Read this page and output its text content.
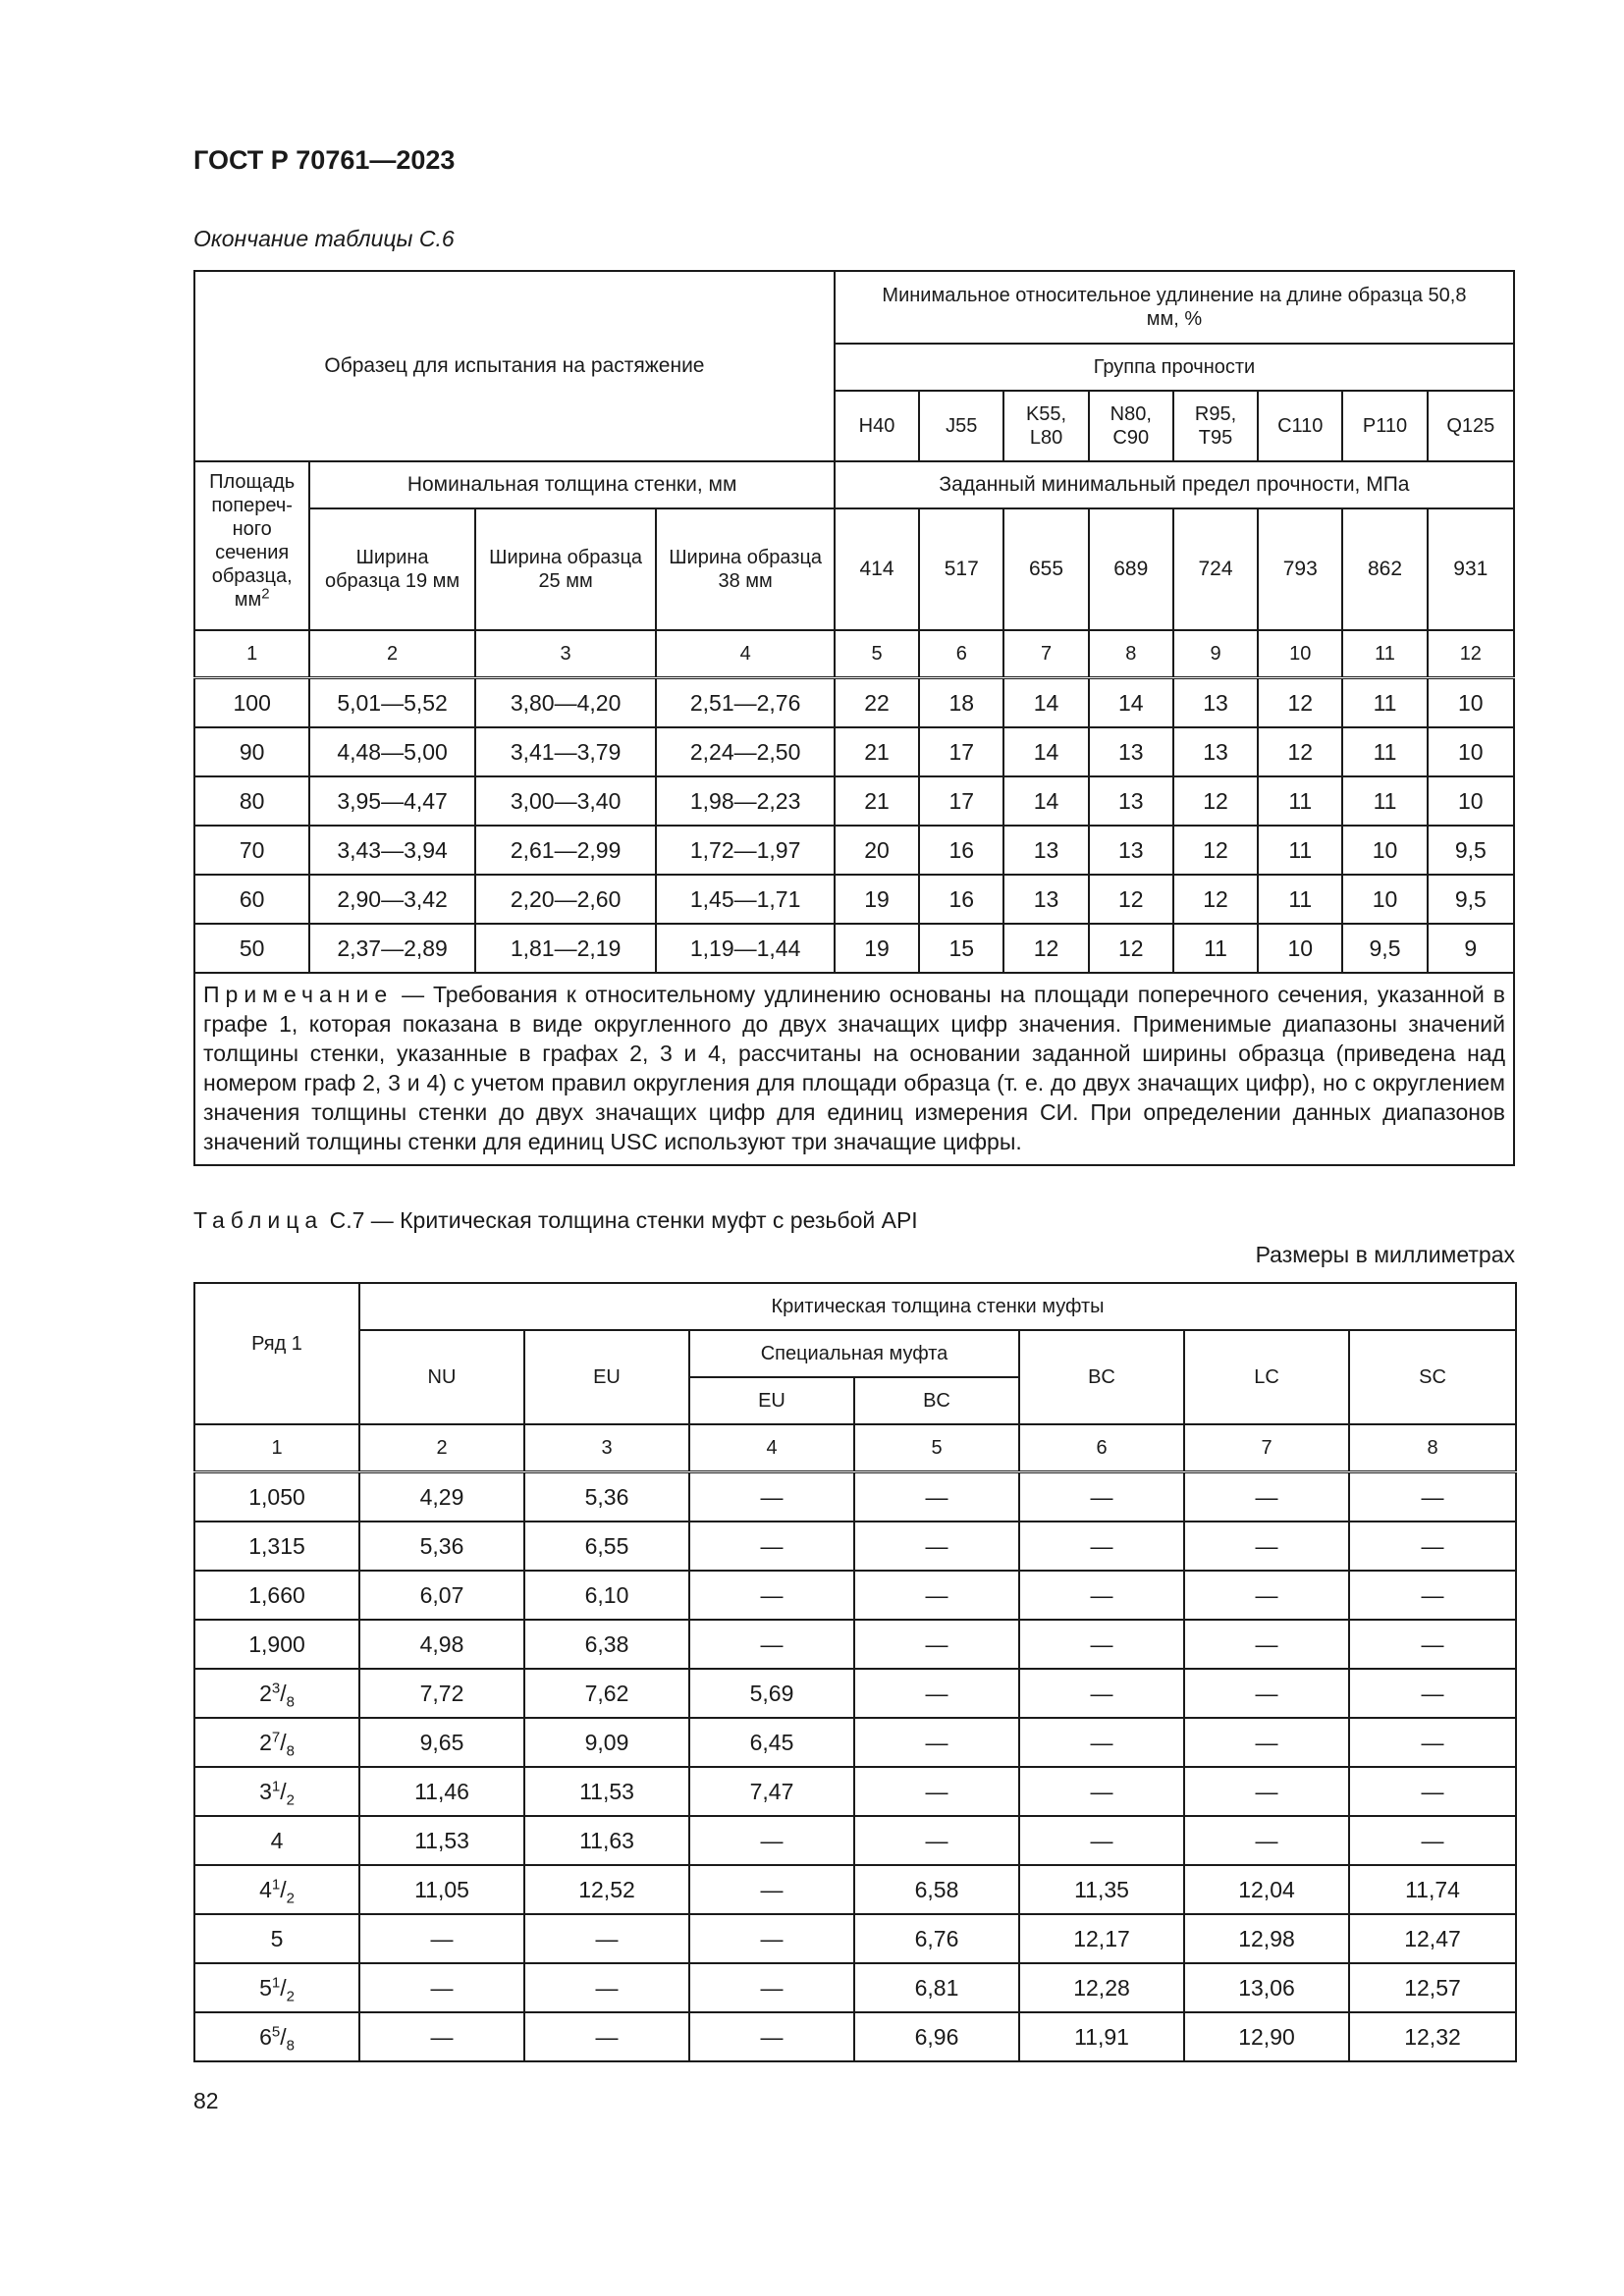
ГОСТ Р 70761—2023
Окончание таблицы С.6
Образец для испытания на растяжение				Минимальное относительное удлинение на длине образца 50,8 мм, %							
				Группа прочности							
				H40	J55	K55, L80	N80, C90	R95, T95	C110	P110	Q125
Площадь попереч-ного сечения образца, $мм^2$	Номинальная толщина стенки, мм			Заданный минимальный предел прочности, МПа							
	Ширина образца 19 мм	Ширина образца 25 мм	Ширина образца 38 мм	414	517	655	689	724	793	862	931
1	2	3	4	5	6	7	8	9	10	11	12
100	5,01—5,52	3,80—4,20	2,51—2,76	22	18	14	14	13	12	11	10
90	4,48—5,00	3,41—3,79	2,24—2,50	21	17	14	13	13	12	11	10
80	3,95—4,47	3,00—3,40	1,98—2,23	21	17	14	13	12	11	11	10
70	3,43—3,94	2,61—2,99	1,72—1,97	20	16	13	13	12	11	10	9,5
60	2,90—3,42	2,20—2,60	1,45—1,71	19	16	13	12	12	11	10	9,5
50	2,37—2,89	1,81—2,19	1,19—1,44	19	15	12	12	11	10	9,5	9
Примечание — Требования к относительному удлинению основаны на площади поперечного сечения, указанной в графе 1, которая показана в виде округленного до двух значащих цифр значения. Применимые диапазоны значений толщины стенки, указанные в графах 2, 3 и 4, рассчитаны на основании заданной ширины образца (приведена над номером граф 2, 3 и 4) с учетом правил округления для площади образца (т. е. до двух значащих цифр), но с округлением значения толщины стенки до двух значащих цифр для единиц измерения СИ. При определении данных диапазонов значений толщины стенки для единиц USC используют три значащие цифры.											
Таблица С.7 — Критическая толщина стенки муфт с резьбой API
Размеры в миллиметрах
Ряд 1	Критическая толщина стенки муфты						
	NU	EU	Специальная муфта		BC	LC	SC
			EU	BC			
1	2	3	4	5	6	7	8
1,050	4,29	5,36	—	—	—	—	—
1,315	5,36	6,55	—	—	—	—	—
1,660	6,07	6,10	—	—	—	—	—
1,900	4,98	6,38	—	—	—	—	—
$2^3/_8$	7,72	7,62	5,69	—	—	—	—
$2^7/_8$	9,65	9,09	6,45	—	—	—	—
$3^1/_2$	11,46	11,53	7,47	—	—	—	—
4	11,53	11,63	—	—	—	—	—
$4^1/_2$	11,05	12,52	—	6,58	11,35	12,04	11,74
5	—	—	—	6,76	12,17	12,98	12,47
$5^1/_2$	—	—	—	6,81	12,28	13,06	12,57
$6^5/_8$	—	—	—	6,96	11,91	12,90	12,32
82
